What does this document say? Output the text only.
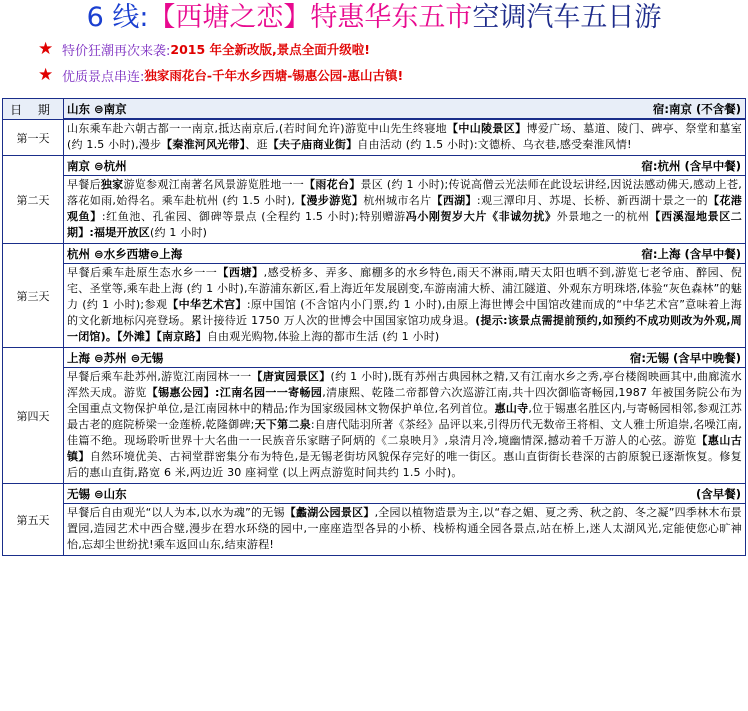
6 线: 【西塘之恋】 特惠华东五市 空调汽车五日游
★ 特价狂潮再次来袭: 2015 年全新改版,景点全面升级啦!
★ 优质景点串连: 独家雨花台-千年水乡西塘-锡惠公园-惠山古镇!
日 期	山东 ⊜南京 宿:南京 (不含餐)

第一天	山东乘车赴六朝古都一一南京,抵达南京后,(若时间允许)游览中山先生终寝地【中山陵景区】博爱广场、墓道、陵门、碑亭、祭堂和墓室 (约 1.5 小时),漫步【秦淮河风光带】、逛【夫子庙商业街】自由活动 (约 1.5 小时):文德桥、乌衣巷,感受秦淮风情!

第二天	南京 ⊜杭州 宿:杭州 (含早中餐)
早餐后独家游览参观江南著名风景游览胜地一一【雨花台】景区 (约 1 小时);传说高僧云光法师在此设坛讲经,因说法感动佛天,感动上苍,落花如雨,始得名。乘车赴杭州 (约 1.5 小时),【漫步游览】杭州城市名片【西湖】:观三潭印月、苏堤、长桥、新西湖十景之一的【花港观鱼】:红鱼池、孔雀园、御碑等景点 (全程约 1.5 小时);特别赠游冯小刚贺岁大片《非诚勿扰》外景地之一的杭州【西溪湿地景区二期】:福堤开放区(约 1 小时)

第三天	杭州 ⊜水乡西塘⊜上海 宿:上海 (含早中餐)
早餐后乘车赴原生态水乡一一【西塘】,感受桥多、弄多、廊棚多的水乡特色,雨天不淋雨,晴天太阳也晒不到,游览七老爷庙、醉园、倪宅、圣堂等,乘车赴上海 (约 1 小时),车游浦东新区,看上海近年发展剧变,车游南浦大桥、浦江隧道、外观东方明珠塔,体验“灰色森林”的魅力 (约 1 小时);参观【中华艺术宫】:原中国馆 (不含馆内小门票,约 1 小时),由原上海世博会中国馆改建而成的“中华艺术宫”意味着上海的文化新地标闪亮登场。累计接待近 1750 万人次的世博会中国国家馆功成身退。(提示:该景点需提前预约,如预约不成功则改为外观,周一闭馆)。【外滩】【南京路】自由观光购物,体验上海的都市生活 (约 1 小时)

第四天	上海 ⊜苏州 ⊜无锡 宿:无锡 (含早中晚餐)
早餐后乘车赴苏州,游览江南园林一一【唐寅园景区】(约 1 小时),既有苏州古典园林之精,又有江南水乡之秀,亭台楼阁映画其中,曲廊流水浑然天成。游览【锡惠公园】:江南名园一一寄畅园,清康熙、乾隆二帝都曾六次巡游江南,共十四次御临寄畅园,1987 年被国务院公布为全国重点文物保护单位,是江南园林中的精品;作为国家级园林文物保护单位,名列首位。惠山寺,位于锡惠名胜区内,与寄畅园相邻,参观江苏最古老的庭院桥梁一金莲桥,乾隆御碑;天下第二泉:自唐代陆羽所著《茶经》品评以来,引得历代无数帝王将相、文人雅士所追崇,名噪江南,佳篇不绝。现场聆听世界十大名曲一一民族音乐家瞎子阿炳的《二泉映月》,泉清月冷,境幽情深,撼动着千万游人的心弦。游览【惠山古镇】自然环境优美、古祠堂群密集分布为特色,是无锡老街坊风貌保存完好的唯一街区。惠山直街街长巷深的古韵原貌已逐渐恢复。修复后的惠山直街,路宽 6 米,两边近 30 座祠堂 (以上两点游览时间共约 1.5 小时)。

第五天	无锡 ⊜山东 (含早餐)
早餐后自由观光“以人为本,以水为魂”的无锡【蠡湖公园景区】,全园以植物造景为主,以“春之媚、夏之秀、秋之韵、冬之凝”四季林木布景置园,造园艺术中西合璧,漫步在碧水环绕的园中,一座座造型各异的小桥、栈桥构通全园各景点,站在桥上,迷人太湖风光,定能使您心旷神怡,忘却尘世纷扰!乘车返回山东,结束游程!
